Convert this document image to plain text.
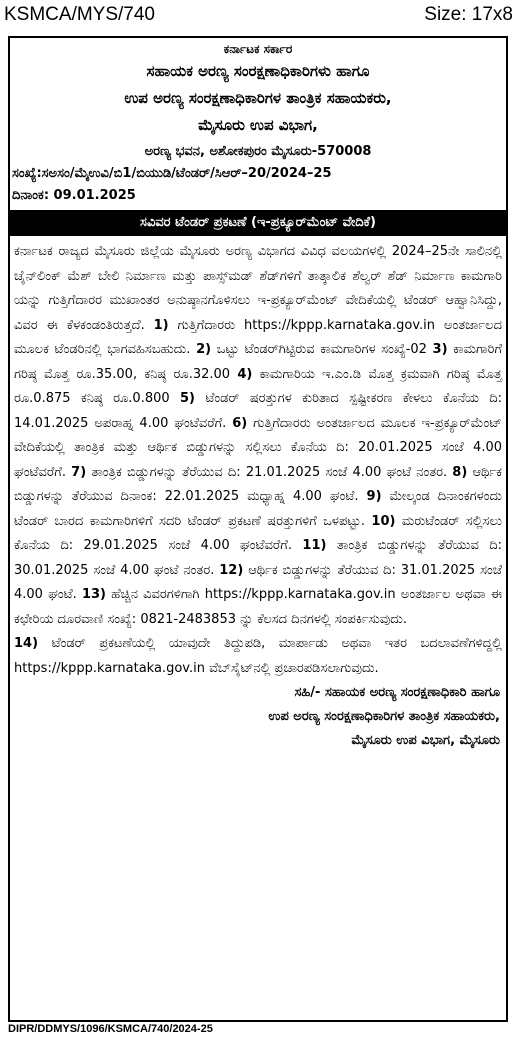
KSMCA/MYS/740	Size: 17x8
ಕರ್ನಾಟಕ ಸರ್ಕಾರ
ಸಹಾಯಕ ಅರಣ್ಯ ಸಂರಕ್ಷಣಾಧಿಕಾರಿಗಳು ಹಾಗೂ
ಉಪ ಅರಣ್ಯ ಸಂರಕ್ಷಣಾಧಿಕಾರಿಗಳ ತಾಂತ್ರಿಕ ಸಹಾಯಕರು,
ಮೈಸೂರು ಉಪ ವಿಭಾಗ,
ಅರಣ್ಯ ಭವನ, ಅಶೋಕಪುರಂ ಮೈಸೂರು-570008
ಸಂಖ್ಯೆ:ಸಅಸಂ/ಮೈಉವಿ/ಬಿ1/ಬಿಯುಡಿ/ಟೆಂಡರ್/ಸಿಆರ್–20/2024–25
ದಿನಾಂಕ: 09.01.2025
ಸವಿವರ ಟೆಂಡರ್ ಪ್ರಕಟಣೆ (ಇ-ಪ್ರಕ್ಯೂರ್‌ಮೆಂಟ್ ವೇದಿಕೆ)
ಕರ್ನಾಟಕ ರಾಜ್ಯದ ಮೈಸೂರು ಜಿಲ್ಲೆಯ ಮೈಸೂರು ಅರಣ್ಯ ವಿಭಾಗದ ವಿವಿಧ ವಲಯಗಳಲ್ಲಿ 2024–25ನೇ ಸಾಲಿನಲ್ಲಿ ಚೈನ್‌ಲಿಂಕ್ ಮೆಶ್ ಬೇಲಿ ನಿರ್ಮಾಣ ಮತ್ತು ಪಾಸ್ಸ್‌ಮಡ್ ಶೆಡ್‌ಗಳಿಗೆ ತಾತ್ಕಾಲಿಕ ಶೆಲ್ವರ್ ಶೆಡ್ ನಿರ್ಮಾಣ ಕಾಮಗಾರಿ ಯನ್ನು ಗುತ್ತಿಗೆದಾರರ ಮುಖಾಂತರ ಅನುಷ್ಠಾನಗೊಳಿಸಲು ಇ-ಪ್ರಕ್ಯೂರ್‌ಮೆಂಟ್ ವೇದಿಕೆಯಲ್ಲಿ ಟೆಂಡರ್ ಆಹ್ವಾನಿಸಿದ್ದು, ವಿವರ ಈ ಕೆಳಕಂಡಂತಿರುತ್ತದೆ. 1) ಗುತ್ತಿಗೆದಾರರು https://kppp.karnataka.gov.in ಅಂತರ್ಜಾಲದ ಮೂಲಕ ಟೆಂಡರಿನಲ್ಲಿ ಭಾಗವಹಿಸಬಹುದು. 2) ಒಟ್ಟು ಟೆಂಡರ್‌ಗಿಟ್ಟಿರುವ ಕಾಮಗಾರಿಗಳ ಸಂಖ್ಯೆ-02 3) ಕಾಮಗಾರಿಗೆ ಗರಿಷ್ಠ ಮೊತ್ತ ರೂ.35.00, ಕನಿಷ್ಠ ರೂ.32.00 4) ಕಾಮಗಾರಿಯ ಇ.ಎಂ.ಡಿ ಮೊತ್ತ ಕ್ರಮವಾಗಿ ಗರಿಷ್ಠ ಮೊತ್ತ ರೂ.0.875 ಕನಿಷ್ಠ ರೂ.0.800 5) ಟೆಂಡರ್ ಷರತ್ತುಗಳ ಕುರಿತಾದ ಸ್ಪಷ್ಟೀಕರಣ ಕೇಳಲು ಕೊನೆಯ ದಿ: 14.01.2025 ಅಪರಾಹ್ನ 4.00 ಘಂಟೆವರೆಗೆ. 6) ಗುತ್ತಿಗೆದಾರರು ಅಂತರ್ಜಾಲದ ಮೂಲಕ ಇ-ಪ್ರಕ್ಯೂರ್‌ಮೆಂಟ್ ವೇದಿಕೆಯಲ್ಲಿ ತಾಂತ್ರಿಕ ಮತ್ತು ಆರ್ಥಿಕ ಬಿಡ್ಡುಗಳನ್ನು ಸಲ್ಲಿಸಲು ಕೊನೆಯ ದಿ: 20.01.2025 ಸಂಜೆ 4.00 ಘಂಟೆವರೆಗೆ. 7) ತಾಂತ್ರಿಕ ಬಿಡ್ಡುಗಳನ್ನು ತೆರೆಯುವ ದಿ: 21.01.2025 ಸಂಜೆ 4.00 ಘಂಟೆ ನಂತರ. 8) ಆರ್ಥಿಕ ಬಿಡ್ಡುಗಳನ್ನು ತೆರೆಯುವ ದಿನಾಂಕ: 22.01.2025 ಮಧ್ಯಾಹ್ನ 4.00 ಘಂಟೆ. 9) ಮೇಲ್ಕಂಡ ದಿನಾಂಕಗಳಂದು ಟೆಂಡರ್ ಬಾರದ ಕಾಮಗಾರಿಗಳಿಗೆ ಸದರಿ ಟೆಂಡರ್ ಪ್ರಕಟಣೆ ಷರತ್ತುಗಳಿಗೆ ಒಳಪಟ್ಟು. 10) ಮರುಟೆಂಡರ್ ಸಲ್ಲಿಸಲು ಕೊನೆಯ ದಿ: 29.01.2025 ಸಂಜೆ 4.00 ಘಂಟೆವರೆಗೆ. 11) ತಾಂತ್ರಿಕ ಬಿಡ್ಡುಗಳನ್ನು ತೆರೆಯುವ ದಿ: 30.01.2025 ಸಂಜೆ 4.00 ಘಂಟೆ ನಂತರ. 12) ಆರ್ಥಿಕ ಬಿಡ್ಡುಗಳನ್ನು ತೆರೆಯುವ ದಿ: 31.01.2025 ಸಂಜೆ 4.00 ಘಂಟೆ. 13) ಹೆಚ್ಚಿನ ವಿವರಗಳಿಗಾಗಿ https://kppp.karnataka.gov.in ಅಂತರ್ಜಾಲ ಅಥವಾ ಈ ಕಛೇರಿಯ ದೂರವಾಣಿ ಸಂಖ್ಯೆ: 0821-2483853 ನ್ನು ಕೆಲಸದ ದಿನಗಳಲ್ಲಿ ಸಂಪರ್ಕಿಸುವುದು.
14) ಟೆಂಡರ್ ಪ್ರಕಟಣೆಯಲ್ಲಿ ಯಾವುದೇ ತಿದ್ದುಪಡಿ, ಮಾರ್ಪಾಡು ಅಥವಾ ಇತರ ಬದಲಾವಣೆಗಳಿದ್ದಲ್ಲಿ https://kppp.karnataka.gov.in ವೆಬ್‌ಸೈಟ್‌ನಲ್ಲಿ ಪ್ರಚಾರಪಡಿಸಲಾಗುವುದು.
ಸಹಿ/- ಸಹಾಯಕ ಅರಣ್ಯ ಸಂರಕ್ಷಣಾಧಿಕಾರಿ ಹಾಗೂ
ಉಪ ಅರಣ್ಯ ಸಂರಕ್ಷಣಾಧಿಕಾರಿಗಳ ತಾಂತ್ರಿಕ ಸಹಾಯಕರು,
ಮೈಸೂರು ಉಪ ವಿಭಾಗ, ಮೈಸೂರು
DIPR/DDMYS/1096/KSMCA/740/2024-25
